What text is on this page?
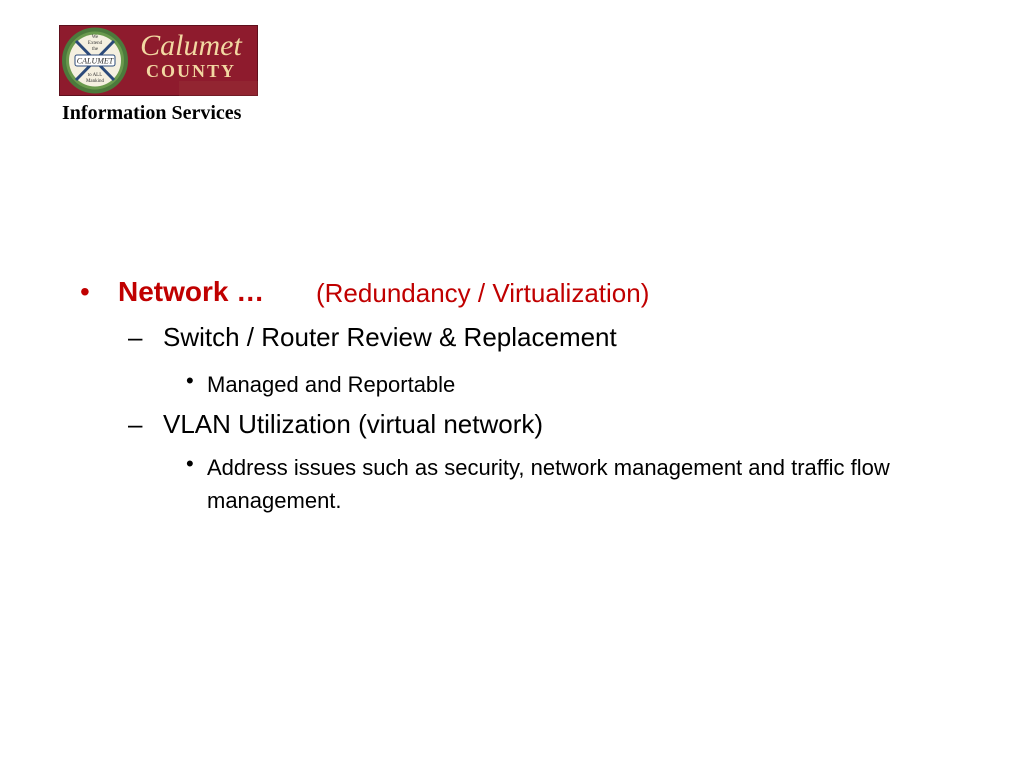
We
Extend
the
CALUMET
to ALL
Mankind
Calumet
COUNTY
Information Services
• Network … (Redundancy / Virtualization)
– Switch / Router Review & Replacement
• Managed and Reportable
– VLAN Utilization (virtual network)
• Address issues such as security, network management and traffic flow management.
